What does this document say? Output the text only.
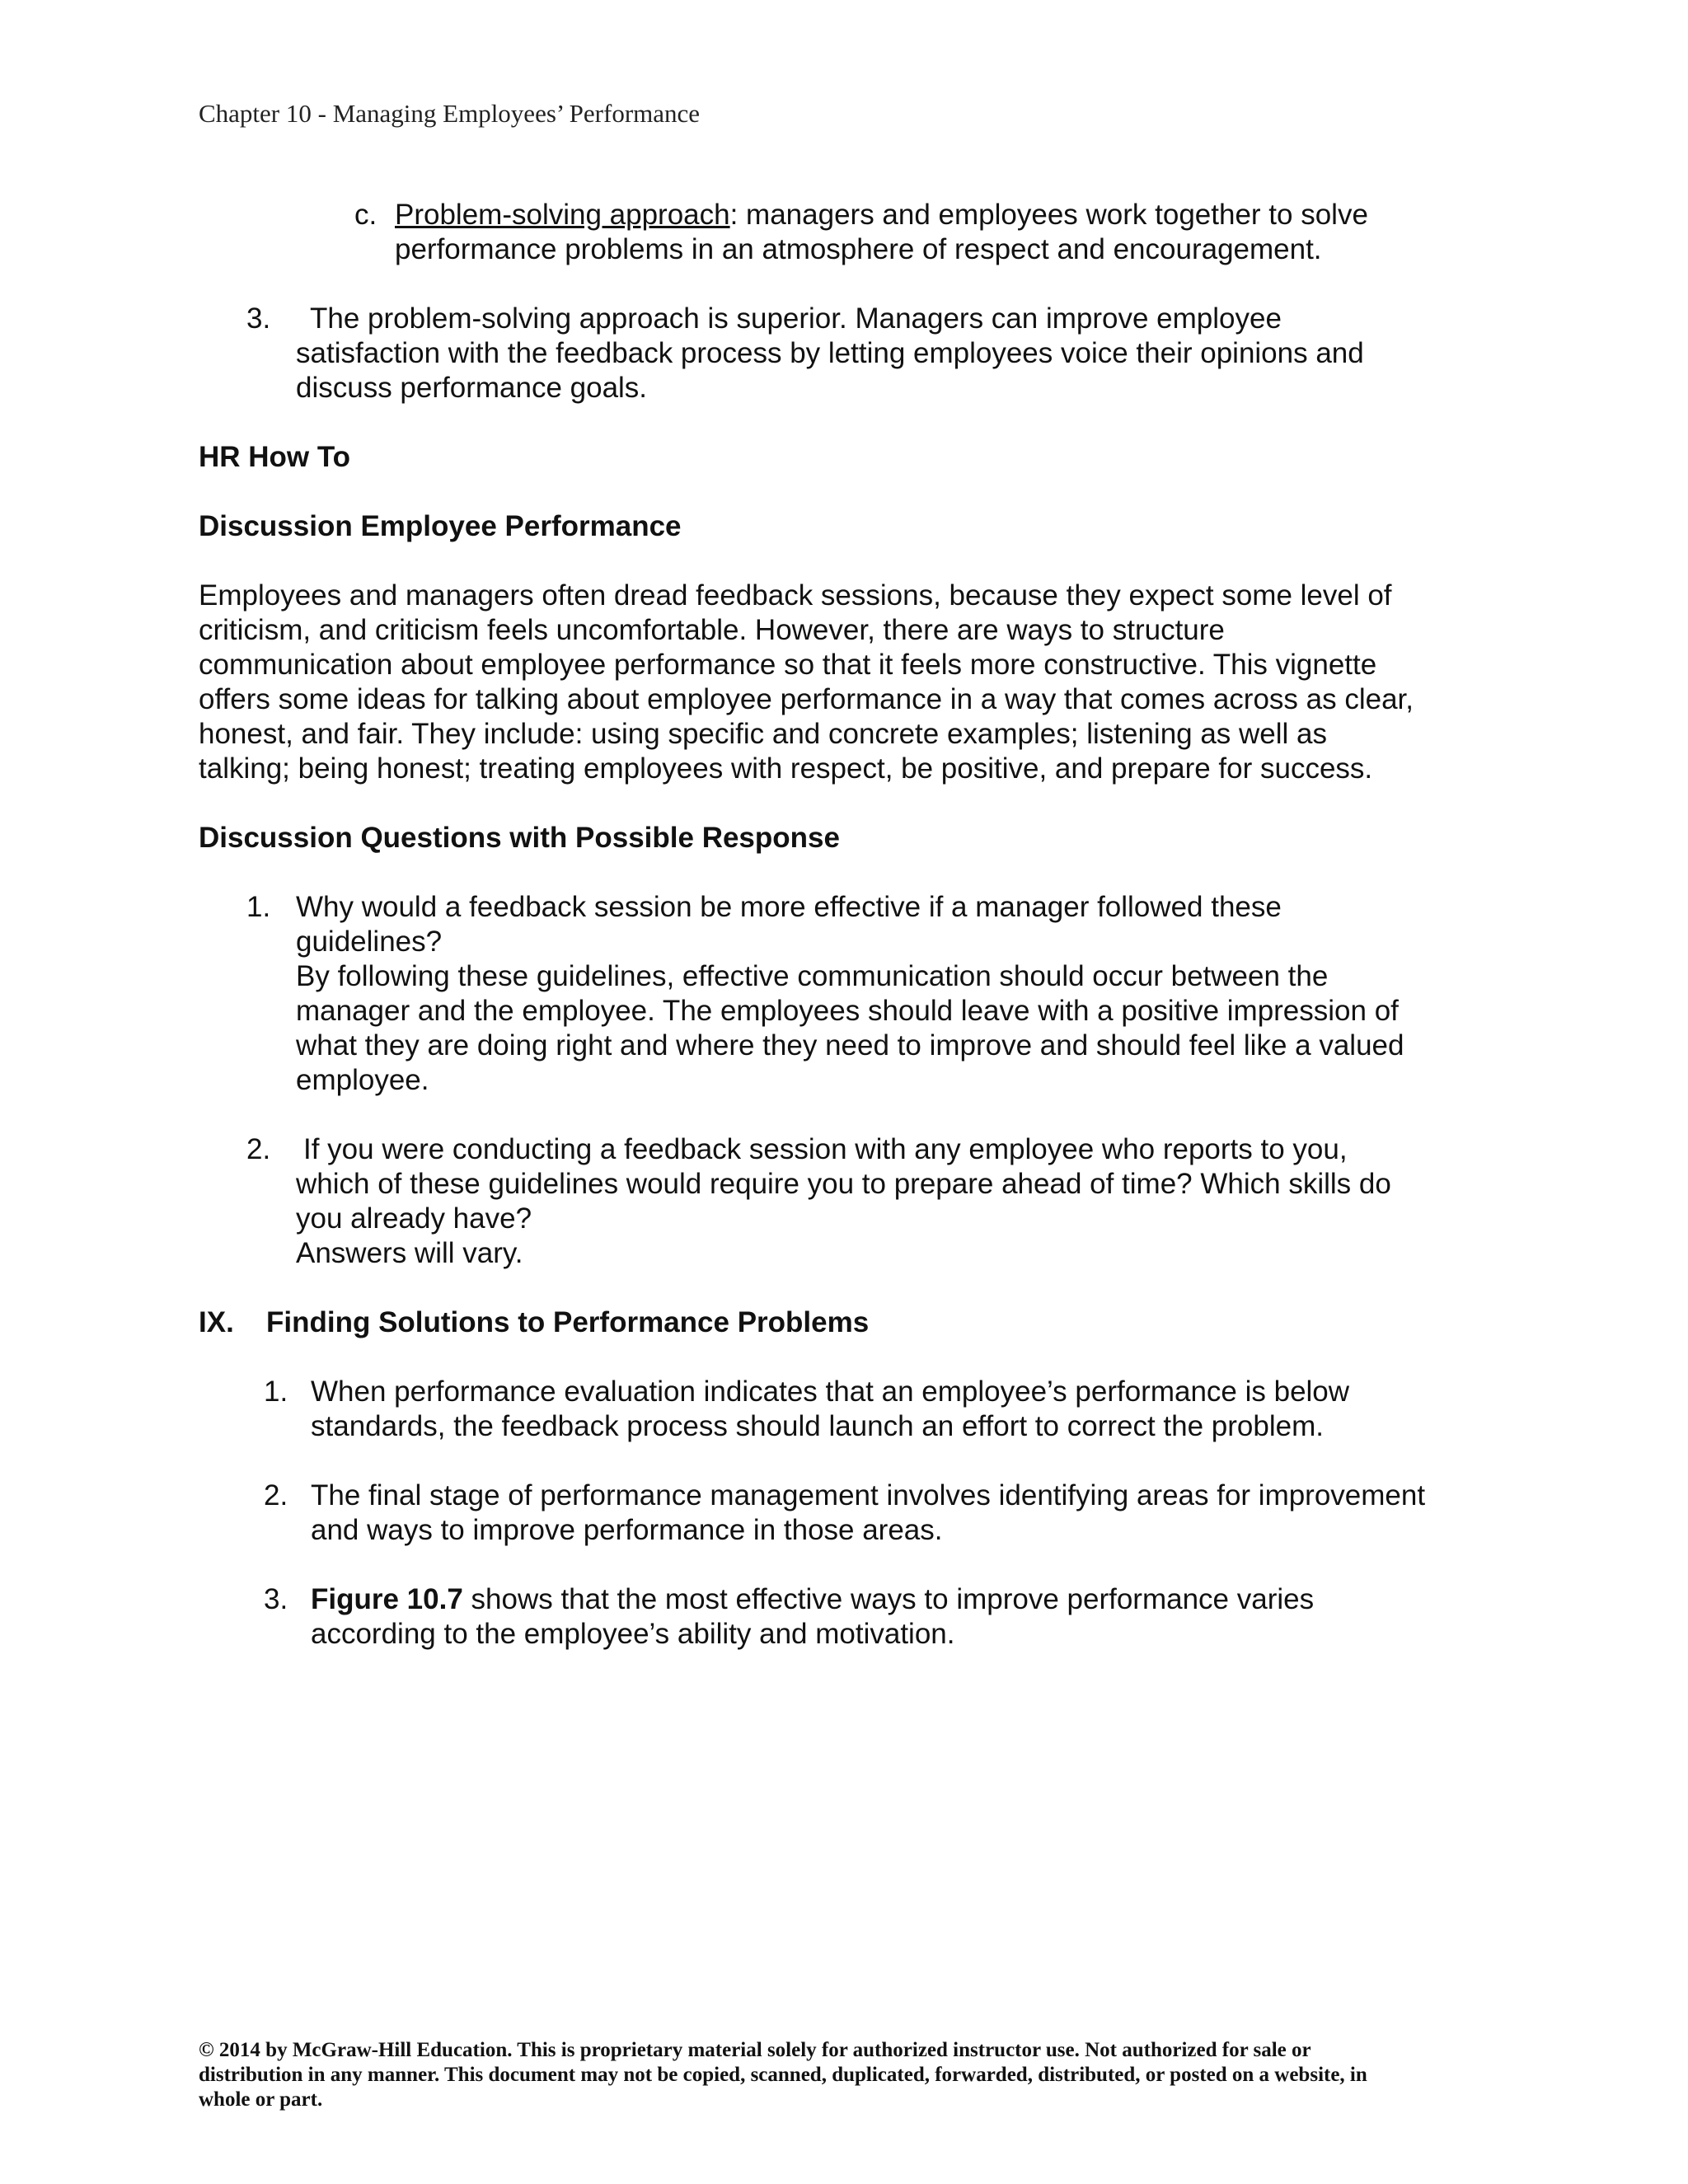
Chapter 10 - Managing Employees’ Performance
c. Problem-solving approach: managers and employees work together to solve
performance problems in an atmosphere of respect and encouragement.
3. The problem-solving approach is superior. Managers can improve employee
satisfaction with the feedback process by letting employees voice their opinions and
discuss performance goals.
HR How To
Discussion Employee Performance
Employees and managers often dread feedback sessions, because they expect some level of
criticism, and criticism feels uncomfortable. However, there are ways to structure
communication about employee performance so that it feels more constructive. This vignette
offers some ideas for talking about employee performance in a way that comes across as clear,
honest, and fair. They include: using specific and concrete examples; listening as well as
talking; being honest; treating employees with respect, be positive, and prepare for success.
Discussion Questions with Possible Response
1. Why would a feedback session be more effective if a manager followed these
guidelines?
By following these guidelines, effective communication should occur between the
manager and the employee. The employees should leave with a positive impression of
what they are doing right and where they need to improve and should feel like a valued
employee.
2. If you were conducting a feedback session with any employee who reports to you,
which of these guidelines would require you to prepare ahead of time? Which skills do
you already have?
Answers will vary.
IX. Finding Solutions to Performance Problems
1. When performance evaluation indicates that an employee’s performance is below
standards, the feedback process should launch an effort to correct the problem.
2. The final stage of performance management involves identifying areas for improvement
and ways to improve performance in those areas.
3. Figure 10.7 shows that the most effective ways to improve performance varies
according to the employee’s ability and motivation.
© 2014 by McGraw-Hill Education. This is proprietary material solely for authorized instructor use. Not authorized for sale or
distribution in any manner. This document may not be copied, scanned, duplicated, forwarded, distributed, or posted on a website, in
whole or part.
